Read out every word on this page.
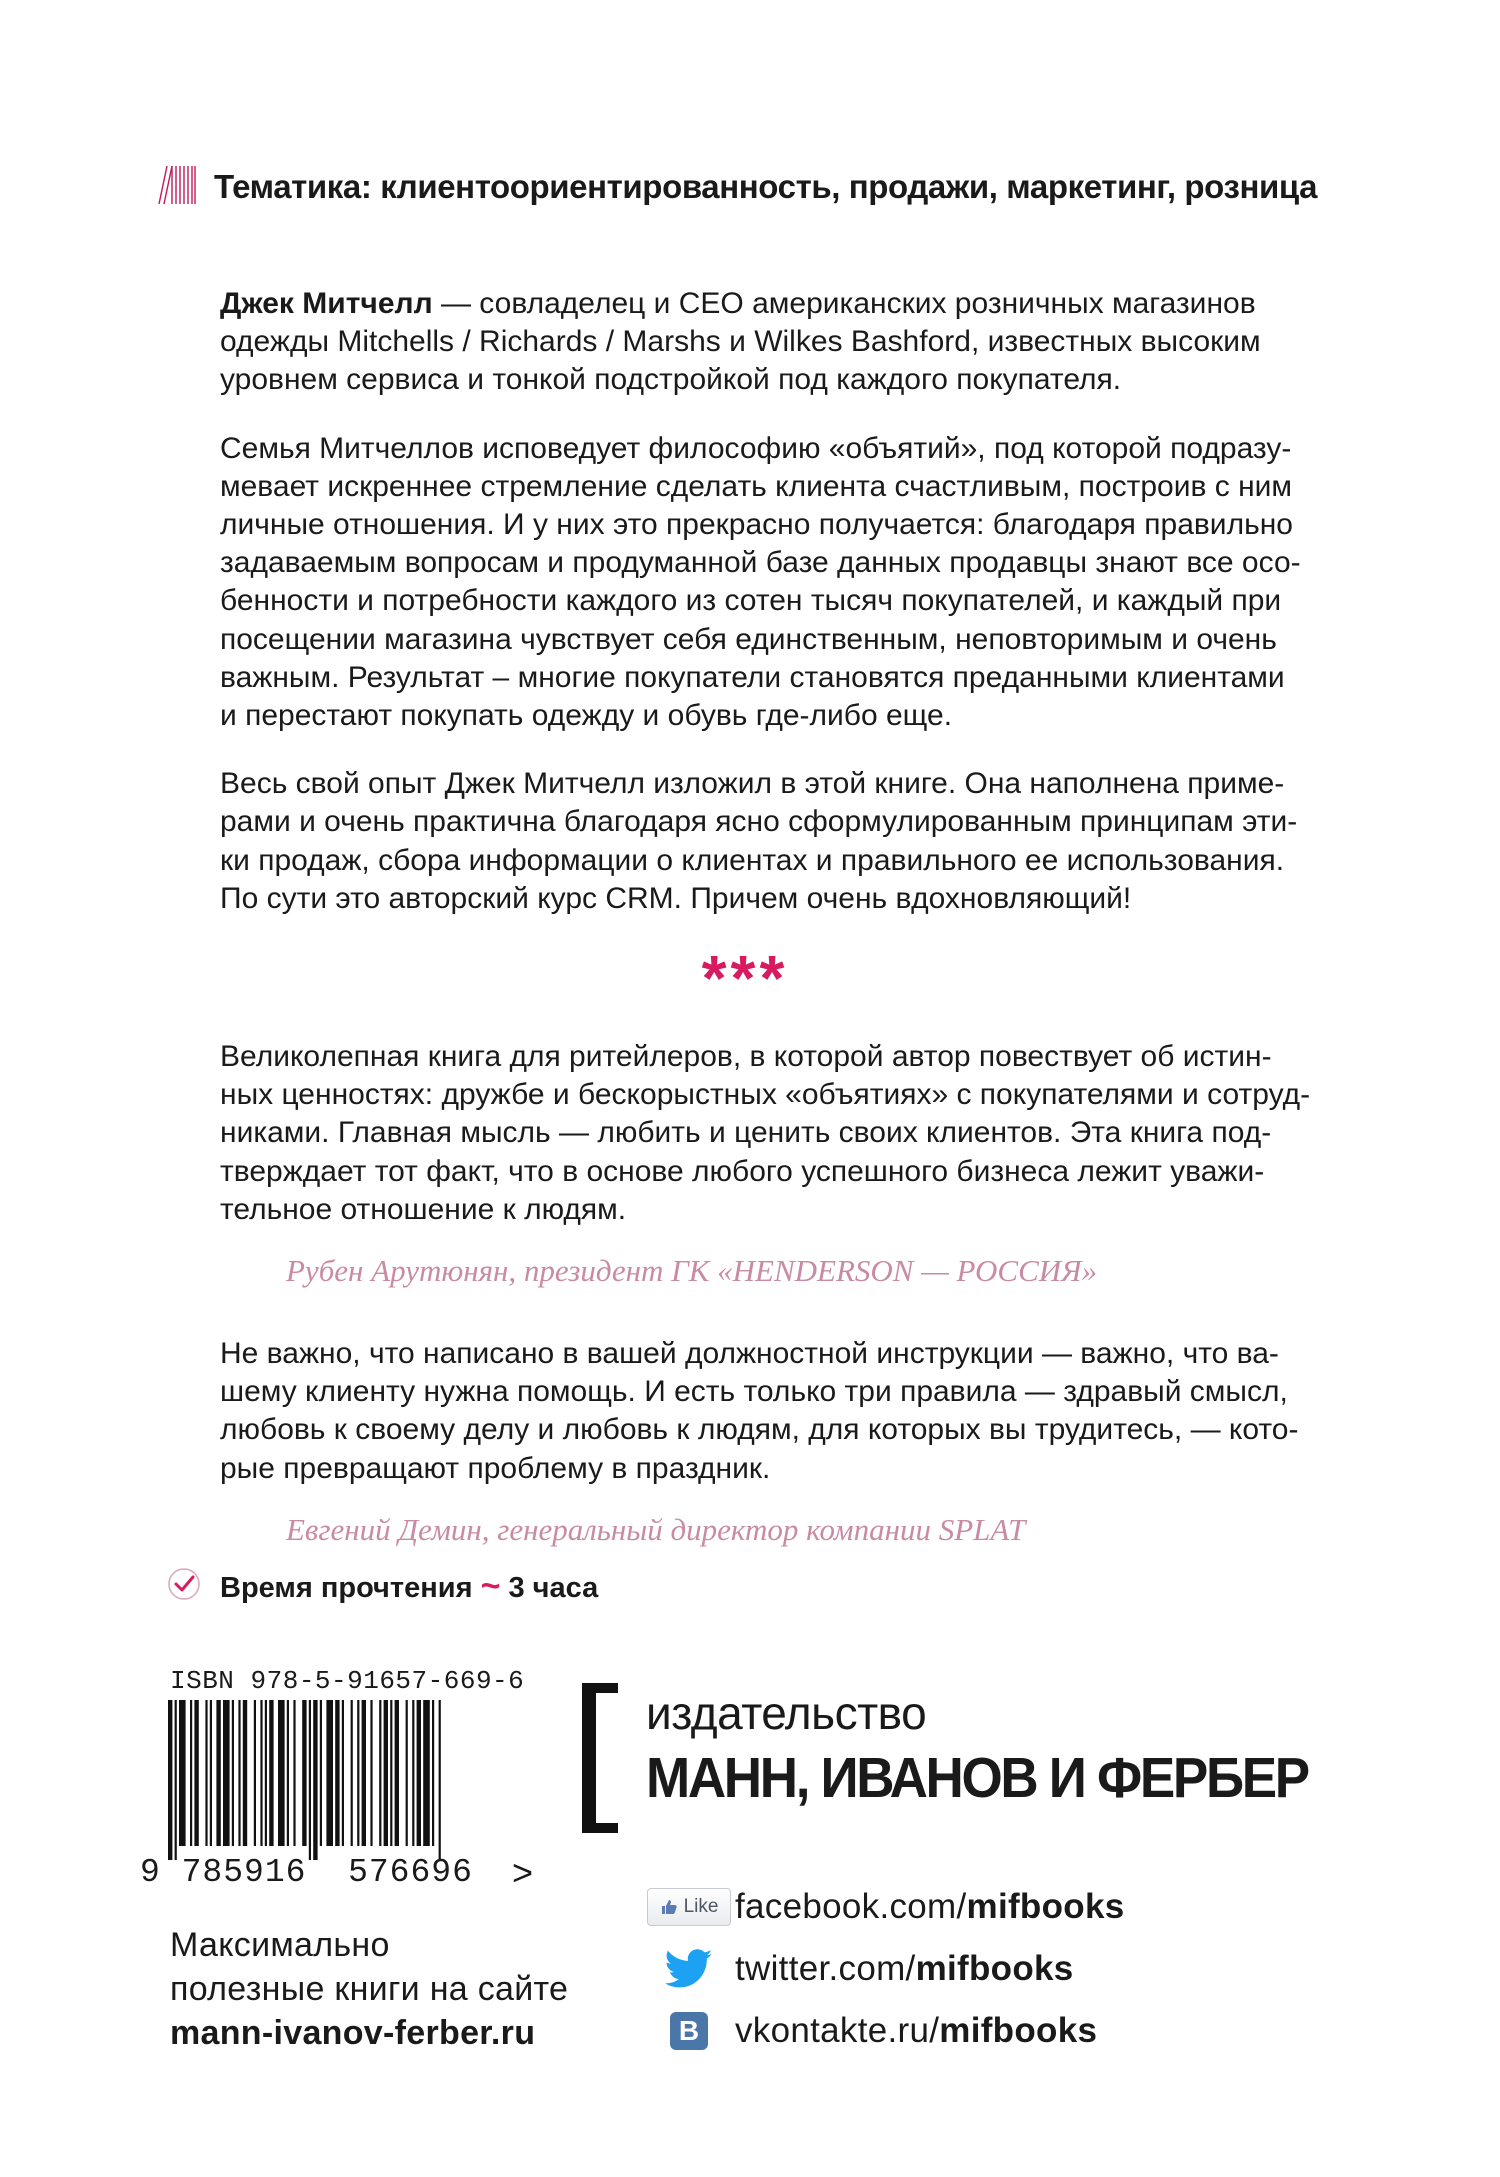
Тематика: клиентоориентированность, продажи, маркетинг, розница

Джек Митчелл — совладелец и CEO американских розничных магазинов
одежды Mitchells / Richards / Marshs и Wilkes Bashford, известных высоким
уровнем сервиса и тонкой подстройкой под каждого покупателя.

Семья Митчеллов исповедует философию «объятий», под которой подразу-
мевает искреннее стремление сделать клиента счастливым, построив с ним
личные отношения. И у них это прекрасно получается: благодаря правильно
задаваемым вопросам и продуманной базе данных продавцы знают все осо-
бенности и потребности каждого из сотен тысяч покупателей, и каждый при
посещении магазина чувствует себя единственным, неповторимым и очень
важным. Результат – многие покупатели становятся преданными клиентами
и перестают покупать одежду и обувь где-либо еще.

Весь свой опыт Джек Митчелл изложил в этой книге. Она наполнена приме-
рами и очень практична благодаря ясно сформулированным принципам эти-
ки продаж, сбора информации о клиентах и правильного ее использования.
По сути это авторский курс CRM. Причем очень вдохновляющий!

***

Великолепная книга для ритейлеров, в которой автор повествует об истин-
ных ценностях: дружбе и бескорыстных «объятиях» с покупателями и сотруд-
никами. Главная мысль — любить и ценить своих клиентов. Эта книга под-
тверждает тот факт, что в основе любого успешного бизнеса лежит уважи-
тельное отношение к людям.

Рубен Арутюнян, президент ГК «HENDERSON — РОССИЯ»

Не важно, что написано в вашей должностной инструкции — важно, что ва-
шему клиенту нужна помощь. И есть только три правила — здравый смысл,
любовь к своему делу и любовь к людям, для которых вы трудитесь, — кото-
рые превращают проблему в праздник.

Евгений Демин, генеральный директор компании SPLAT
Время прочтения ~ 3 часа
ISBN 978-5-91657-669-6
9 785916 576696 >
издательство
МАНН, ИВАНОВ И ФЕРБЕР
Максимально
полезные книги на сайте
mann-ivanov-ferber.ru
Like facebook.com/mifbooks
twitter.com/mifbooks
B vkontakte.ru/mifbooks
